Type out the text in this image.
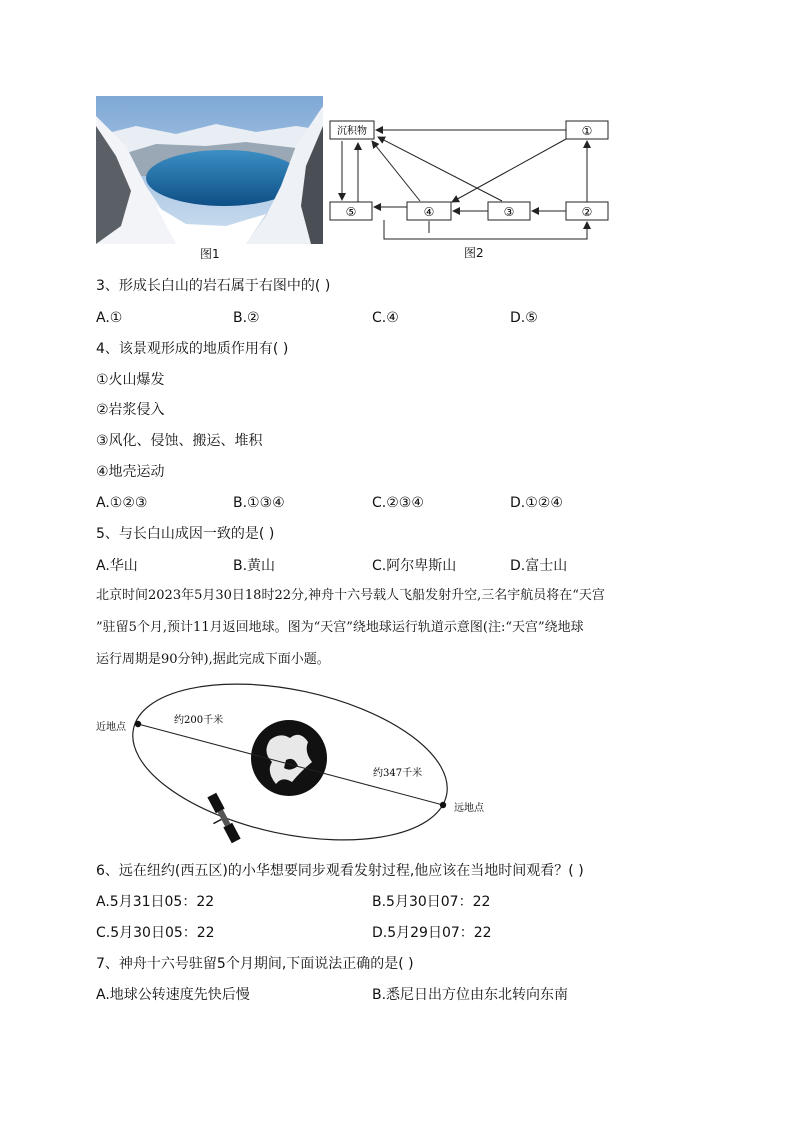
图1
沉积物	①
⑤	④	③	②
图2
3、形成长白山的岩石属于右图中的( )
A.①	B.②	C.④	D.⑤
4、该景观形成的地质作用有( )
①火山爆发
②岩浆侵入
③风化、侵蚀、搬运、堆积
④地壳运动
A.①②③	B.①③④	C.②③④	D.①②④
5、与长白山成因一致的是( )
A.华山	B.黄山	C.阿尔卑斯山	D.富士山
北京时间2023年5月30日18时22分,神舟十六号载人飞船发射升空,三名宇航员将在“天宫
”驻留5个月,预计11月返回地球。图为“天宫”绕地球运行轨道示意图(注:“天宫”绕地球
运行周期是90分钟),据此完成下面小题。
近地点
远地点
约200千米
约347千米
6、远在纽约(西五区)的小华想要同步观看发射过程,他应该在当地时间观看？( )
A.5月31日05：22	B.5月30日07：22
C.5月30日05：22	D.5月29日07：22
7、神舟十六号驻留5个月期间,下面说法正确的是( )
A.地球公转速度先快后慢	B.悉尼日出方位由东北转向东南
